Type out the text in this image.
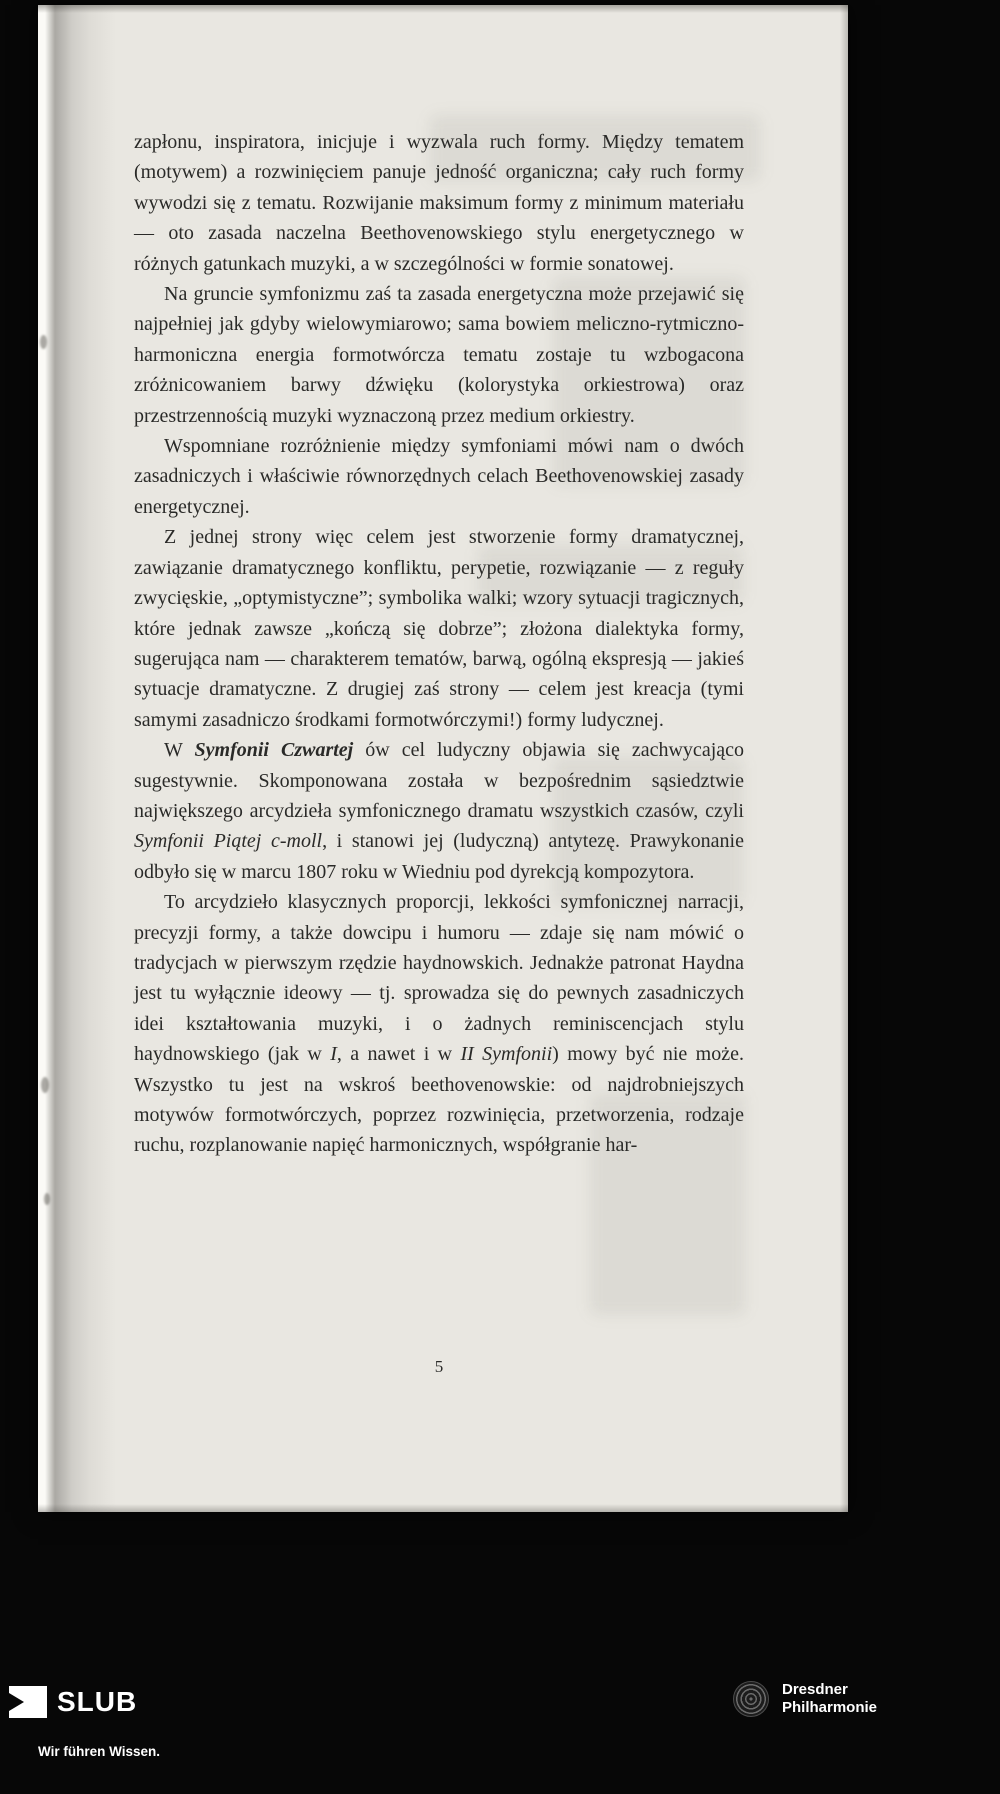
zapłonu, inspiratora, inicjuje i wyzwala ruch formy. Między tematem (motywem) a rozwinięciem panuje jedność organiczna; cały ruch formy wywodzi się z tematu. Rozwijanie maksimum formy z minimum materiału — oto zasada naczelna Beethovenowskiego stylu energetycznego w różnych gatunkach muzyki, a w szczególności w formie sonatowej.

Na gruncie symfonizmu zaś ta zasada energetyczna może przejawić się najpełniej jak gdyby wielowymiarowo; sama bowiem meliczno-rytmiczno-harmoniczna energia formotwórcza tematu zostaje tu wzbogacona zróżnicowaniem barwy dźwięku (kolorystyka orkiestrowa) oraz przestrzennością muzyki wyznaczoną przez medium orkiestry.

Wspomniane rozróżnienie między symfoniami mówi nam o dwóch zasadniczych i właściwie równorzędnych celach Beethovenowskiej zasady energetycznej.

Z jednej strony więc celem jest stworzenie formy dramatycznej, zawiązanie dramatycznego konfliktu, perypetie, rozwiązanie — z reguły zwycięskie, „optymistyczne”; symbolika walki; wzory sytuacji tragicznych, które jednak zawsze „kończą się dobrze”; złożona dialektyka formy, sugerująca nam — charakterem tematów, barwą, ogólną ekspresją — jakieś sytuacje dramatyczne. Z drugiej zaś strony — celem jest kreacja (tymi samymi zasadniczo środkami formotwórczymi!) formy ludycznej.

W Symfonii Czwartej ów cel ludyczny objawia się zachwycająco sugestywnie. Skomponowana została w bezpośrednim sąsiedztwie największego arcydzieła symfonicznego dramatu wszystkich czasów, czyli Symfonii Piątej c-moll, i stanowi jej (ludyczną) antytezę. Prawykonanie odbyło się w marcu 1807 roku w Wiedniu pod dyrekcją kompozytora.

To arcydzieło klasycznych proporcji, lekkości symfonicznej narracji, precyzji formy, a także dowcipu i humoru — zdaje się nam mówić o tradycjach w pierwszym rzędzie haydnowskich. Jednakże patronat Haydna jest tu wyłącznie ideowy — tj. sprowadza się do pewnych zasadniczych idei kształtowania muzyki, i o żadnych reminiscencjach stylu haydnowskiego (jak w I, a nawet i w II Symfonii) mowy być nie może. Wszystko tu jest na wskroś beethovenowskie: od najdrobniejszych motywów formotwórczych, poprzez rozwinięcia, przetworzenia, rodzaje ruchu, rozplanowanie napięć harmonicznych, współgranie har-

5
SLUB
Wir führen Wissen.
Dresdner
Philharmonie
